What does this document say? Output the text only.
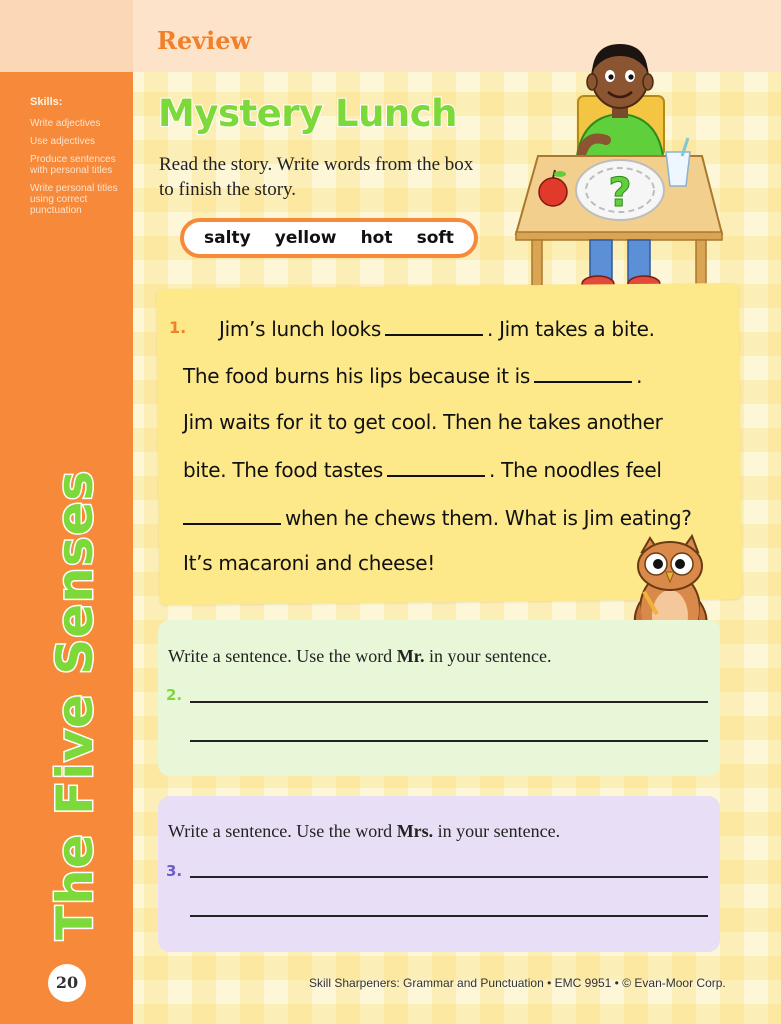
Review
Skills:
Write adjectives
Use adjectives
Produce sentences with personal titles
Write personal titles using correct punctuation
The Five Senses
20
Mystery Lunch
Read the story. Write words from the box to finish the story.
salty yellow hot soft
?
1. Jim’s lunch looks	. Jim takes a bite.
The food burns his lips because it is	.
Jim waits for it to get cool. Then he takes another
bite. The food tastes	. The noodles feel
when he chews them. What is Jim eating?
It’s macaroni and cheese!
Write a sentence. Use the word Mr. in your sentence.
2.
Write a sentence. Use the word Mrs. in your sentence.
3.
Skill Sharpeners: Grammar and Punctuation • EMC 9951 • © Evan-Moor Corp.
